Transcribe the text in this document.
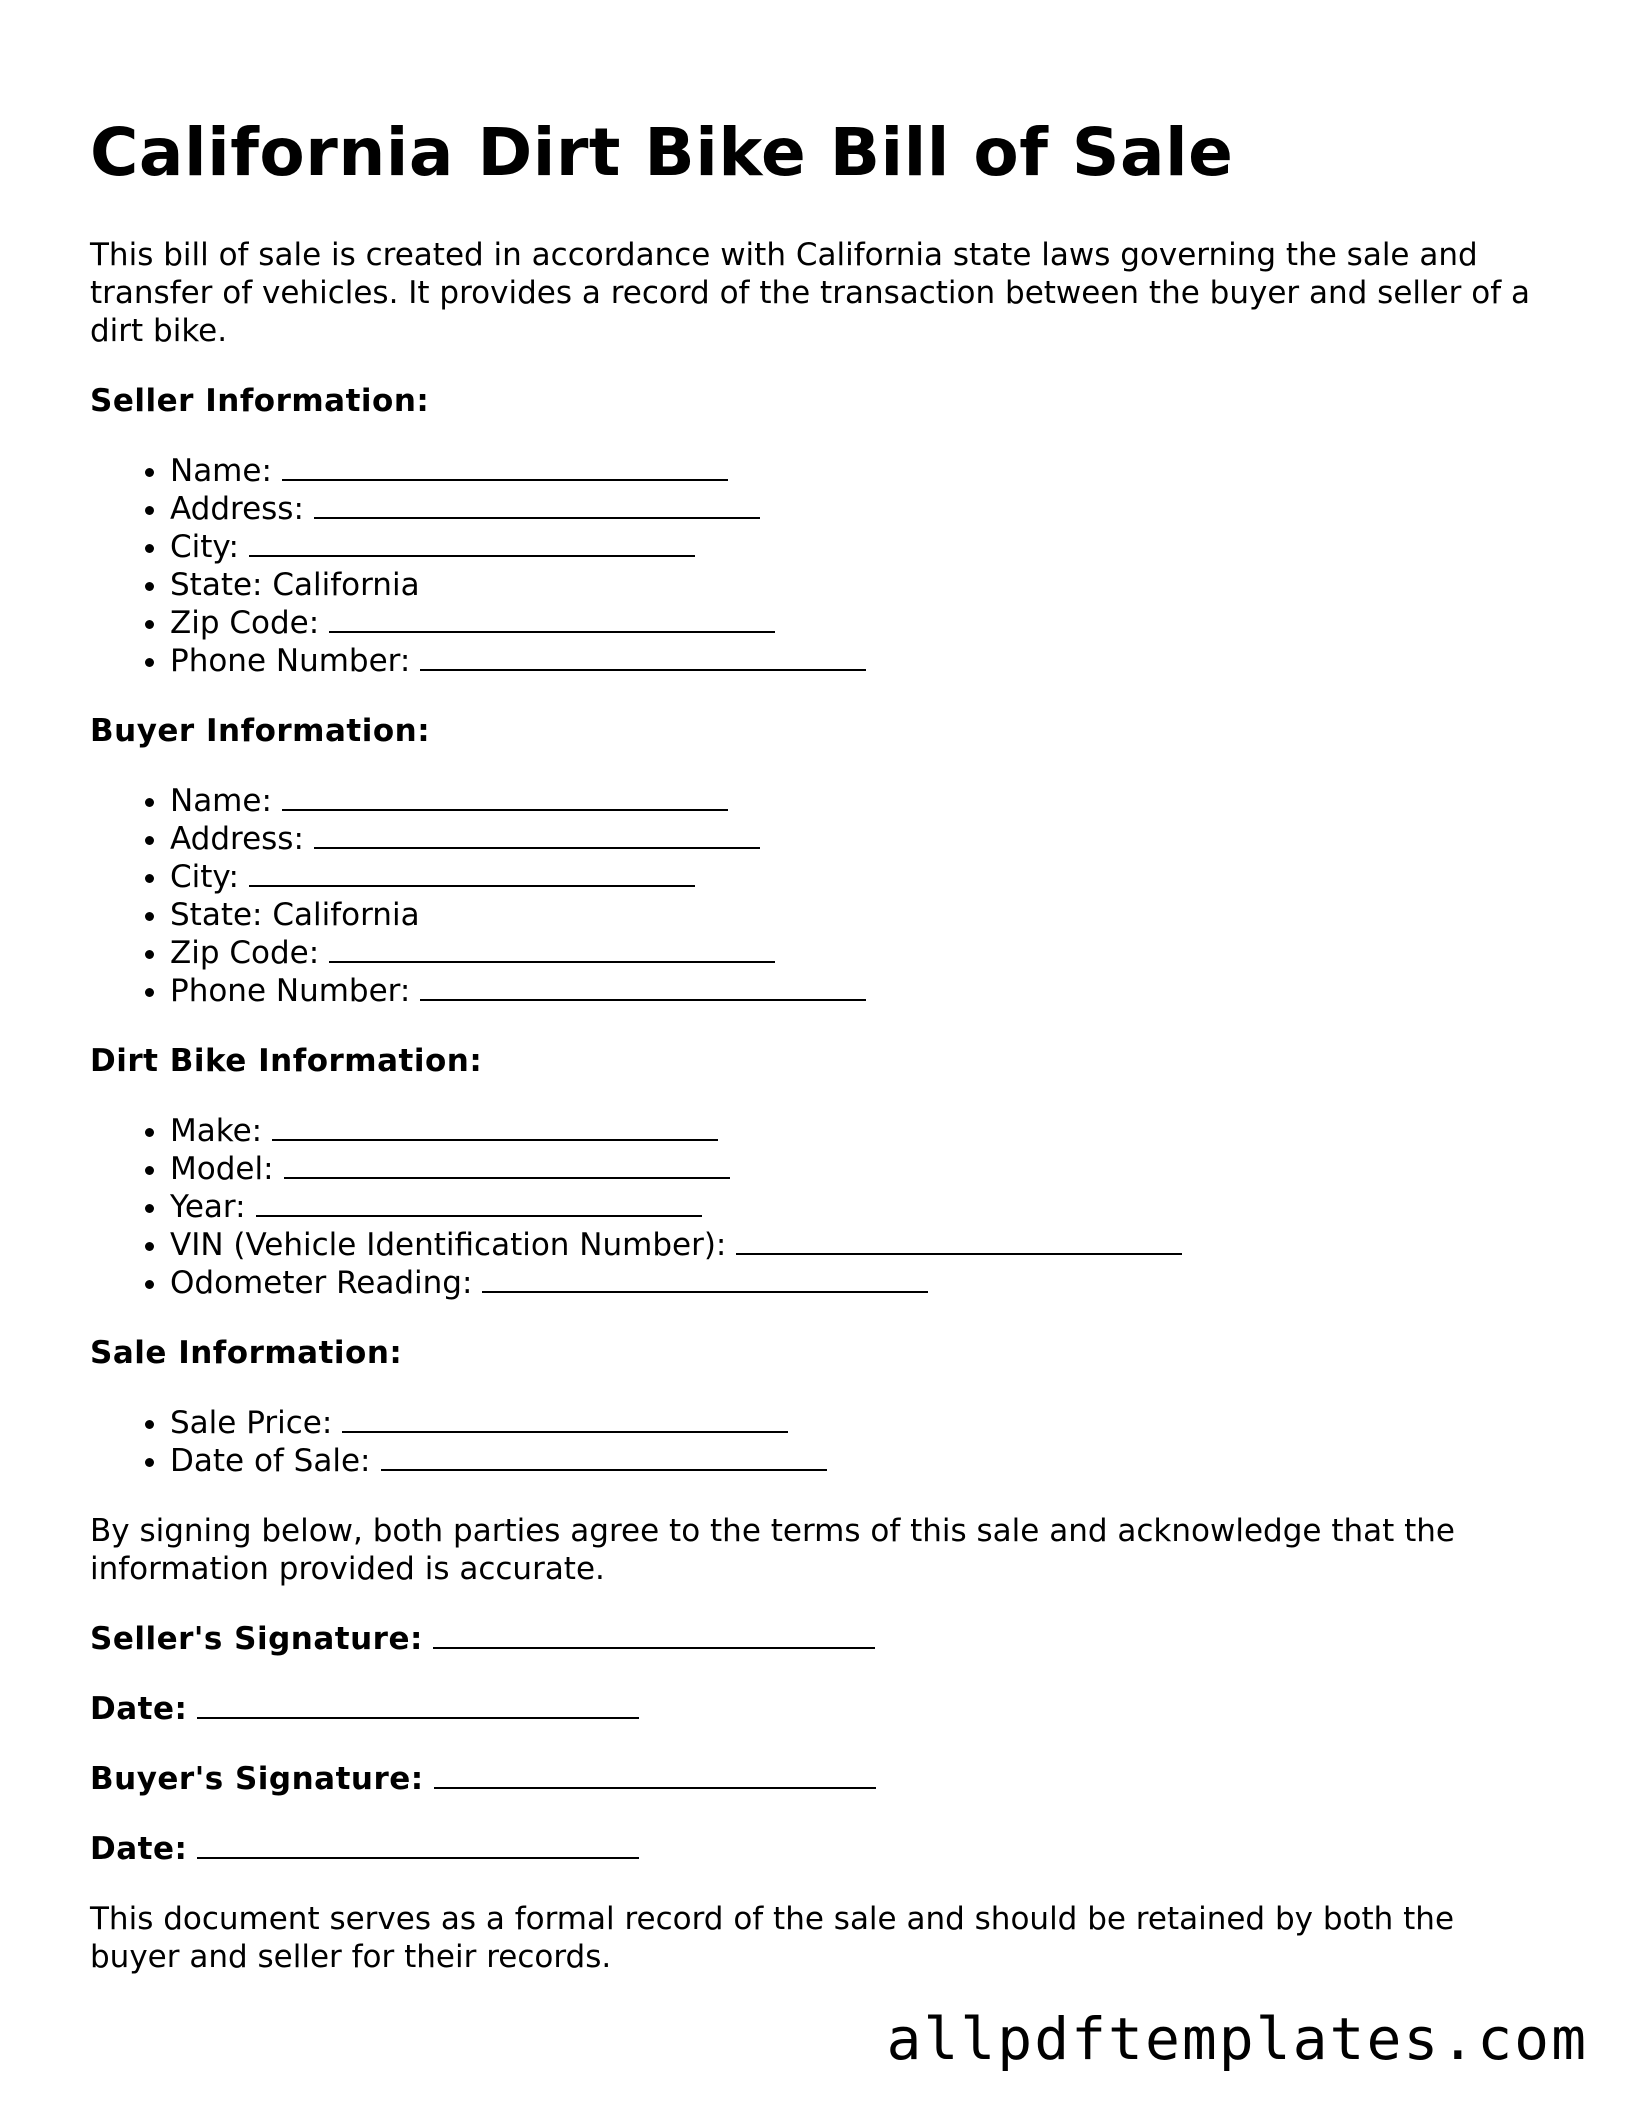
California Dirt Bike Bill of Sale

This bill of sale is created in accordance with California state laws governing the sale and transfer of vehicles. It provides a record of the transaction between the buyer and seller of a dirt bike.

Seller Information:
• Name:
• Address:
• City:
• State: California
• Zip Code:
• Phone Number:
Buyer Information:
• Name:
• Address:
• City:
• State: California
• Zip Code:
• Phone Number:
Dirt Bike Information:
• Make:
• Model:
• Year:
• VIN (Vehicle Identification Number):
• Odometer Reading:
Sale Information:
• Sale Price:
• Date of Sale:

By signing below, both parties agree to the terms of this sale and acknowledge that the information provided is accurate.

Seller's Signature:
Date:
Buyer's Signature:
Date:

This document serves as a formal record of the sale and should be retained by both the buyer and seller for their records.

allpdftemplates.com
